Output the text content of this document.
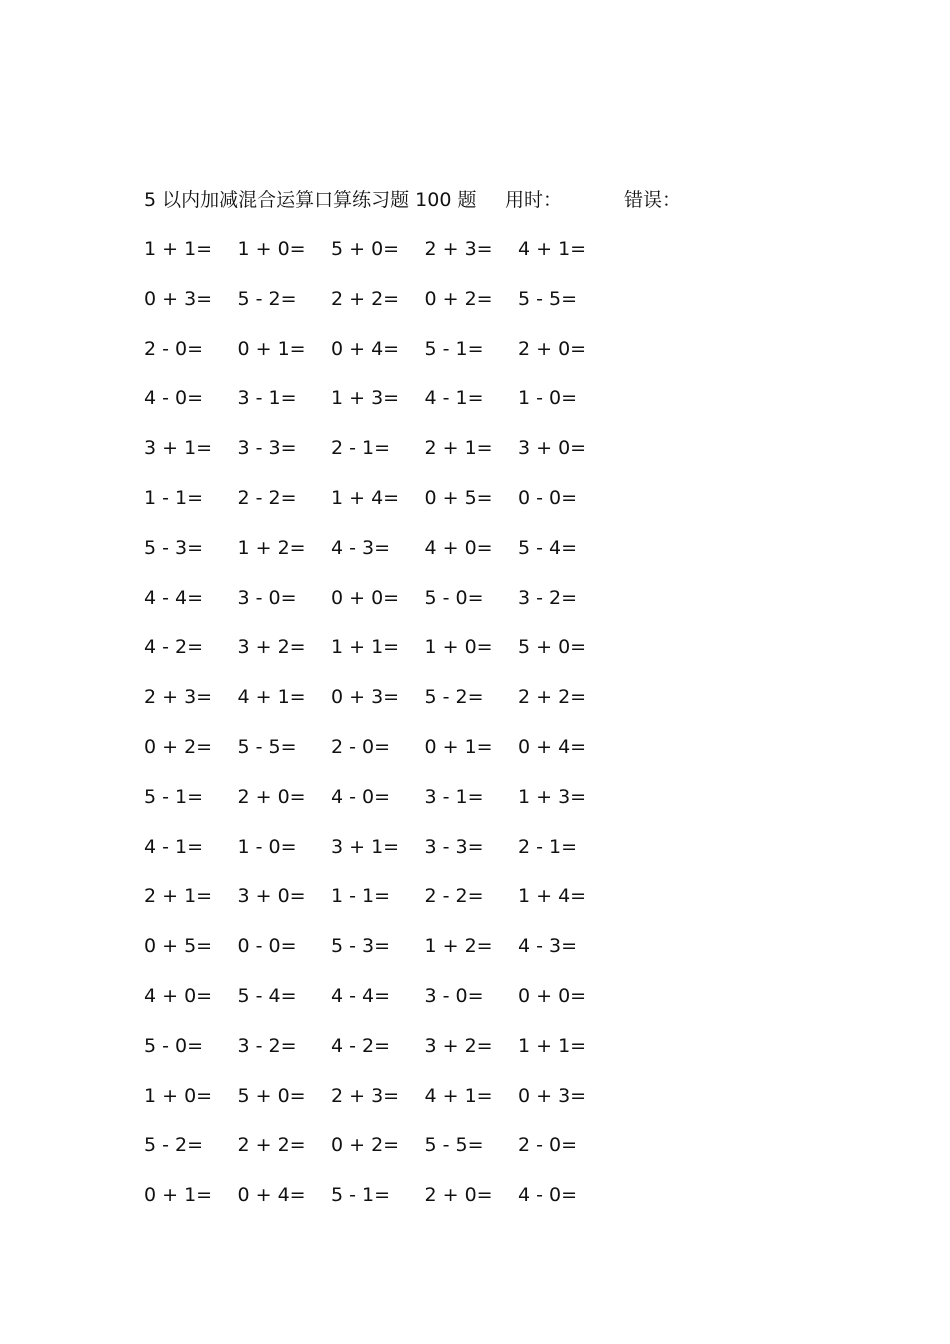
5 以内加减混合运算口算练习题 100 题 用时：	错误：
1 + 1=	1 + 0=	5 + 0=	2 + 3=	4 + 1=
0 + 3=	5 - 2=	2 + 2=	0 + 2=	5 - 5=
2 - 0=	0 + 1=	0 + 4=	5 - 1=	2 + 0=
4 - 0=	3 - 1=	1 + 3=	4 - 1=	1 - 0=
3 + 1=	3 - 3=	2 - 1=	2 + 1=	3 + 0=
1 - 1=	2 - 2=	1 + 4=	0 + 5=	0 - 0=
5 - 3=	1 + 2=	4 - 3=	4 + 0=	5 - 4=
4 - 4=	3 - 0=	0 + 0=	5 - 0=	3 - 2=
4 - 2=	3 + 2=	1 + 1=	1 + 0=	5 + 0=
2 + 3=	4 + 1=	0 + 3=	5 - 2=	2 + 2=
0 + 2=	5 - 5=	2 - 0=	0 + 1=	0 + 4=
5 - 1=	2 + 0=	4 - 0=	3 - 1=	1 + 3=
4 - 1=	1 - 0=	3 + 1=	3 - 3=	2 - 1=
2 + 1=	3 + 0=	1 - 1=	2 - 2=	1 + 4=
0 + 5=	0 - 0=	5 - 3=	1 + 2=	4 - 3=
4 + 0=	5 - 4=	4 - 4=	3 - 0=	0 + 0=
5 - 0=	3 - 2=	4 - 2=	3 + 2=	1 + 1=
1 + 0=	5 + 0=	2 + 3=	4 + 1=	0 + 3=
5 - 2=	2 + 2=	0 + 2=	5 - 5=	2 - 0=
0 + 1=	0 + 4=	5 - 1=	2 + 0=	4 - 0=
